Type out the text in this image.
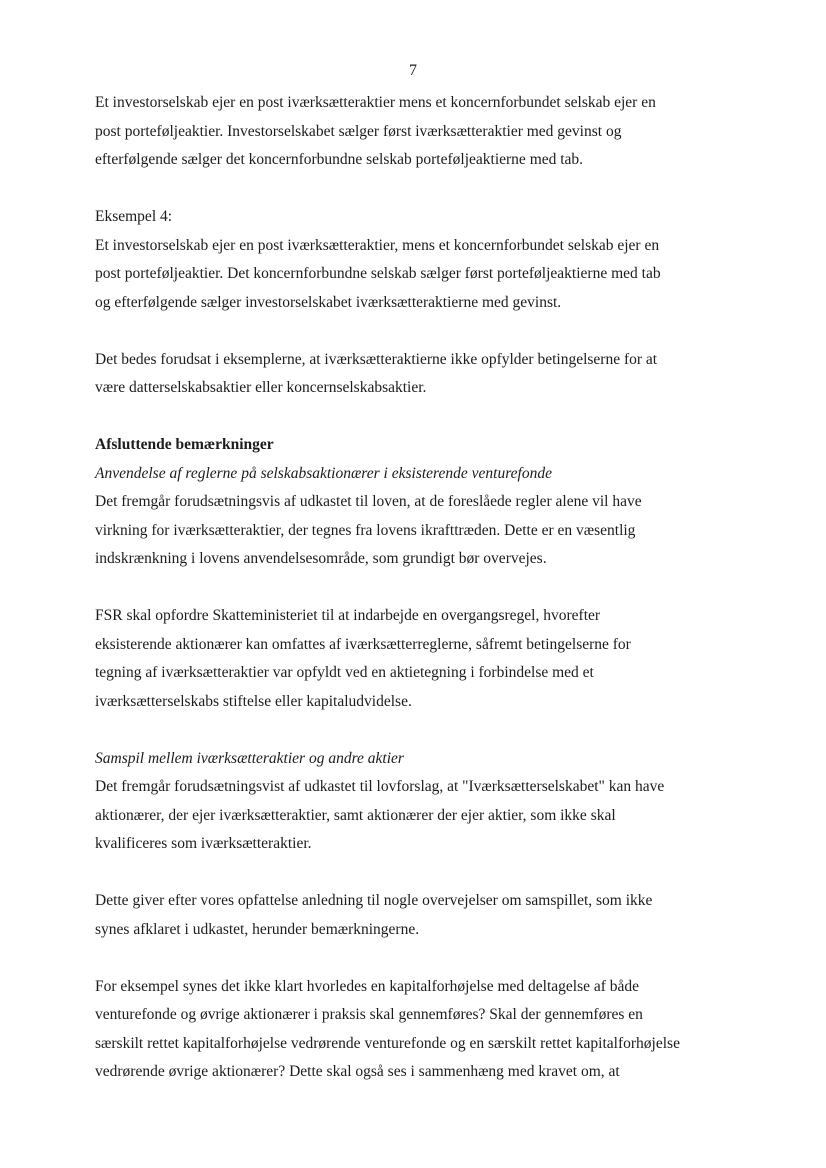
7
Et investorselskab ejer en post iværksætteraktier mens et koncernforbundet selskab ejer en
post porteføljeaktier. Investorselskabet sælger først iværksætteraktier med gevinst og
efterfølgende sælger det koncernforbundne selskab porteføljeaktierne med tab.
Eksempel 4:
Et investorselskab ejer en post iværksætteraktier, mens et koncernforbundet selskab ejer en
post porteføljeaktier. Det koncernforbundne selskab sælger først porteføljeaktierne med tab
og efterfølgende sælger investorselskabet iværksætteraktierne med gevinst.
Det bedes forudsat i eksemplerne, at iværksætteraktierne ikke opfylder betingelserne for at
være datterselskabsaktier eller koncernselskabsaktier.
Afsluttende bemærkninger
Anvendelse af reglerne på selskabsaktionærer i eksisterende venturefonde
Det fremgår forudsætningsvis af udkastet til loven, at de foreslåede regler alene vil have
virkning for iværksætteraktier, der tegnes fra lovens ikrafttræden. Dette er en væsentlig
indskrænkning i lovens anvendelsesområde, som grundigt bør overvejes.
FSR skal opfordre Skatteministeriet til at indarbejde en overgangsregel, hvorefter
eksisterende aktionærer kan omfattes af iværksætterreglerne, såfremt betingelserne for
tegning af iværksætteraktier var opfyldt ved en aktietegning i forbindelse med et
iværksætterselskabs stiftelse eller kapitaludvidelse.
Samspil mellem iværksætteraktier og andre aktier
Det fremgår forudsætningsvist af udkastet til lovforslag, at "Iværksætterselskabet" kan have
aktionærer, der ejer iværksætteraktier, samt aktionærer der ejer aktier, som ikke skal
kvalificeres som iværksætteraktier.
Dette giver efter vores opfattelse anledning til nogle overvejelser om samspillet, som ikke
synes afklaret i udkastet, herunder bemærkningerne.
For eksempel synes det ikke klart hvorledes en kapitalforhøjelse med deltagelse af både
venturefonde og øvrige aktionærer i praksis skal gennemføres? Skal der gennemføres en
særskilt rettet kapitalforhøjelse vedrørende venturefonde og en særskilt rettet kapitalforhøjelse
vedrørende øvrige aktionærer? Dette skal også ses i sammenhæng med kravet om, at
